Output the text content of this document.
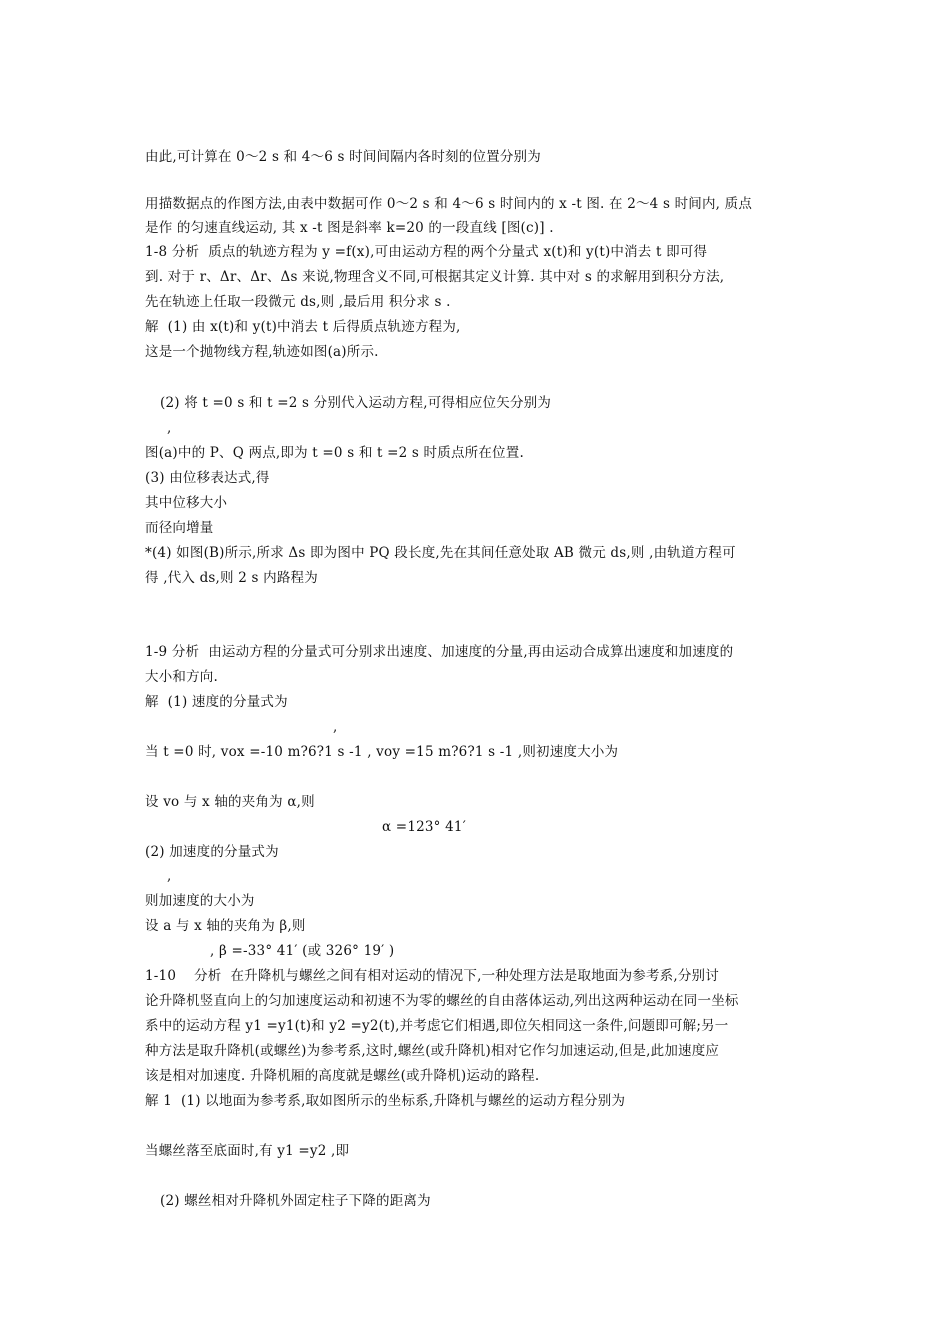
由此,可计算在 0～2 s 和 4～6 s 时间间隔内各时刻的位置分别为
用描数据点的作图方法,由表中数据可作 0～2 s 和 4～6 s 时间内的 x -t 图. 在 2～4 s 时间内, 质点
是作 的匀速直线运动, 其 x -t 图是斜率 k=20 的一段直线 [图(c)] .
1-8 分析  质点的轨迹方程为 y =f(x),可由运动方程的两个分量式 x(t)和 y(t)中消去 t 即可得
到. 对于 r、Δr、Δr、Δs 来说,物理含义不同,可根据其定义计算. 其中对 s 的求解用到积分方法,
先在轨迹上任取一段微元 ds,则 ,最后用 积分求 s .
解  (1) 由 x(t)和 y(t)中消去 t 后得质点轨迹方程为,
这是一个抛物线方程,轨迹如图(a)所示.
(2) 将 t =0 s 和 t =2 s 分别代入运动方程,可得相应位矢分别为
,
图(a)中的 P、Q 两点,即为 t =0 s 和 t =2 s 时质点所在位置.
(3) 由位移表达式,得
其中位移大小
而径向增量
*(4) 如图(B)所示,所求 Δs 即为图中 PQ 段长度,先在其间任意处取 AB 微元 ds,则 ,由轨道方程可
得 ,代入 ds,则 2 s 内路程为
1-9 分析  由运动方程的分量式可分别求出速度、加速度的分量,再由运动合成算出速度和加速度的
大小和方向.
解  (1) 速度的分量式为
,
当 t =0 时, vox =-10 m?6?1 s -1 , voy =15 m?6?1 s -1 ,则初速度大小为
设 vo 与 x 轴的夹角为 α,则
α =123° 41′
(2) 加速度的分量式为
,
则加速度的大小为
设 a 与 x 轴的夹角为 β,则
, β =-33° 41′ (或 326° 19′ )
1-10    分析  在升降机与螺丝之间有相对运动的情况下,一种处理方法是取地面为参考系,分别讨
论升降机竖直向上的匀加速度运动和初速不为零的螺丝的自由落体运动,列出这两种运动在同一坐标
系中的运动方程 y1 =y1(t)和 y2 =y2(t),并考虑它们相遇,即位矢相同这一条件,问题即可解;另一
种方法是取升降机(或螺丝)为参考系,这时,螺丝(或升降机)相对它作匀加速运动,但是,此加速度应
该是相对加速度. 升降机厢的高度就是螺丝(或升降机)运动的路程.
解 1  (1) 以地面为参考系,取如图所示的坐标系,升降机与螺丝的运动方程分别为
当螺丝落至底面时,有 y1 =y2 ,即
(2) 螺丝相对升降机外固定柱子下降的距离为
